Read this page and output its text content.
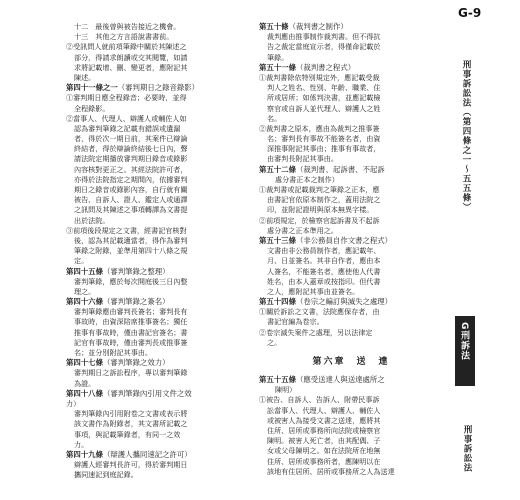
G-9
十二　最後曾與被告接近之機會。
十三　其他之方言語說書書前。
②受訊問人就前項筆錄中關於其陳述之
部分，得請求朗讀或交其閱覽，如請
求將記載增、刪、變更者，應附記其
陳述。
第四十一條之一（審判期日之錄音錄影）
①審判期日應全程錄音；必要時，並得
全程錄影。
②當事人、代理人、辯護人或輔佐人如
認為審判筆錄之記載有錯誤或遺漏
者，得於次一期日前，其案件已辯論
終結者，得於辯論終結後七日內，聲
請法院定期播放審判期日錄音或錄影
內容核對更正之。其經法院許可者，
亦得於法院指定之期間內，依據審判
期日之錄音或錄影內容，自行就有關
被告、自訴人、證人、鑑定人或通譯
之訊問及其陳述之事項轉譯為文書提
出於法院。
③前項後段規定之文書，經書記官核對
後，認為其記載適當者，得作為審判
筆錄之附錄，並準用第四十八條之規
定。
第四十五條（審判筆錄之整理）
審判筆錄，應於每次開庭後三日內整
理之。
第四十六條（審判筆錄之簽名）
審判筆錄應由審判長簽名；審判長有
事故時，由資深陪席推事簽名；獨任
推事有事故時，僅由書記官簽名；書
記官有事故時，僅由審判長或推事簽
名；並分別附記其事由。
第四十七條（審判筆錄之效力）
審判期日之訴訟程序，專以審判筆錄
為證。
第四十八條（審判筆錄內引用文件之效
力）
審判筆錄內引用附卷之文書或表示將
該文書作為附錄者，其文書所記載之
事項，與記載筆錄者，有同一之效
力。
第四十九條（辯護人攜同速記之許可）
辯護人經審判長許可，得於審判期日
攜同速記到庭記錄。
第五十條（裁判書之制作）
裁判應由推事制作裁判書。但不得抗
告之裁定當庭宣示者，得僅命記載於
筆錄。
第五十一條（裁判書之程式）
①裁判書除依特別規定外，應記載受裁
判人之姓名、性別、年齡、職業、住
所或居所；如係判決書，並應記載檢
察官或自訴人並代理人、辯護人之姓
名。
②裁判書之原本，應由為裁判之推事簽
名；審判長有事故不能簽名者，由資
深推事附記其事由；推事有事故者，
由審判長附記其事由。
第五十二條（裁判書、起訴書、不起訴
處分書正本之制作）
①裁判書或記載裁判之筆錄之正本，應
由書記官依原本制作之，蓋用法院之
印，並附記證明與原本無異字樣。
②前項規定，於檢察官起訴書及不起訴
處分書之正本準用之。
第五十三條（非公務員自作文書之程式）
文書由非公務員制作者，應記載年、
月、日並簽名。其非自作者，應由本
人簽名，不能簽名者，應使他人代書
姓名，由本人蓋章或按指印。但代書
之人，應附記其事由並簽名。
第五十四條（卷宗之編訂與滅失之處理）
①關於訴訟之文書，法院應保存者，由
書記官編為卷宗。
②卷宗滅失案件之處理，另以法律定
之。
第六章　送　達
第五十五條（應受送達人與送達處所之
陳明）
①被告、自訴人、告訴人、附帶民事訴
訟當事人、代理人、辯護人、輔佐人
或被害人為接受文書之送達，應將其
住所、居所或事務所向法院或檢察官
陳明。被害人死亡者，由其配偶、子
女或父母陳明之。如在法院所在地無
住所、居所或事務所者，應陳明以在
該地有住居所、居所或事務所之人為送達
刑事訴訟法（第四條之一～五五條）
G刑訴法
刑事訴訟法
